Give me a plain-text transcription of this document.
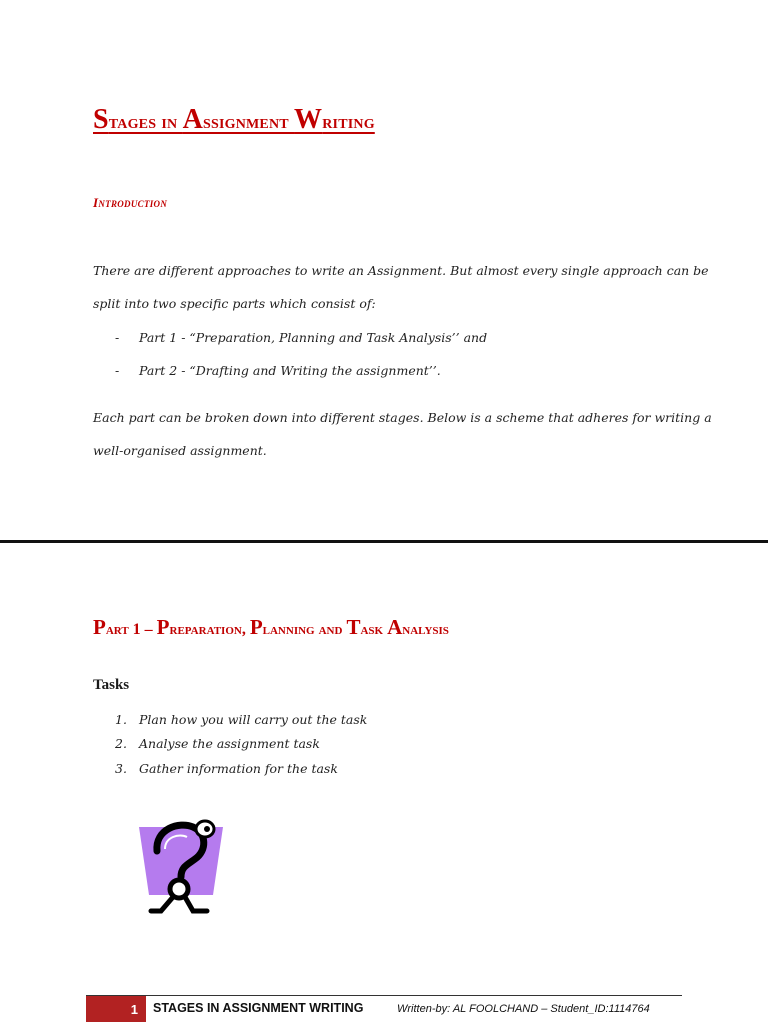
Stages in Assignment Writing
Introduction
There are different approaches to write an Assignment. But almost every single approach can be
split into two specific parts which consist of:
- Part 1 - “Preparation, Planning and Task Analysis’’ and
- Part 2 - “Drafting and Writing the assignment’’.
Each part can be broken down into different stages. Below is a scheme that adheres for writing a
well-organised assignment.
Part 1 – Preparation, Planning and Task Analysis
Tasks
1. Plan how you will carry out the task
2. Analyse the assignment task
3. Gather information for the task
1	STAGES IN ASSIGNMENT WRITING	Written-by: AL FOOLCHAND – Student_ID:1114764
